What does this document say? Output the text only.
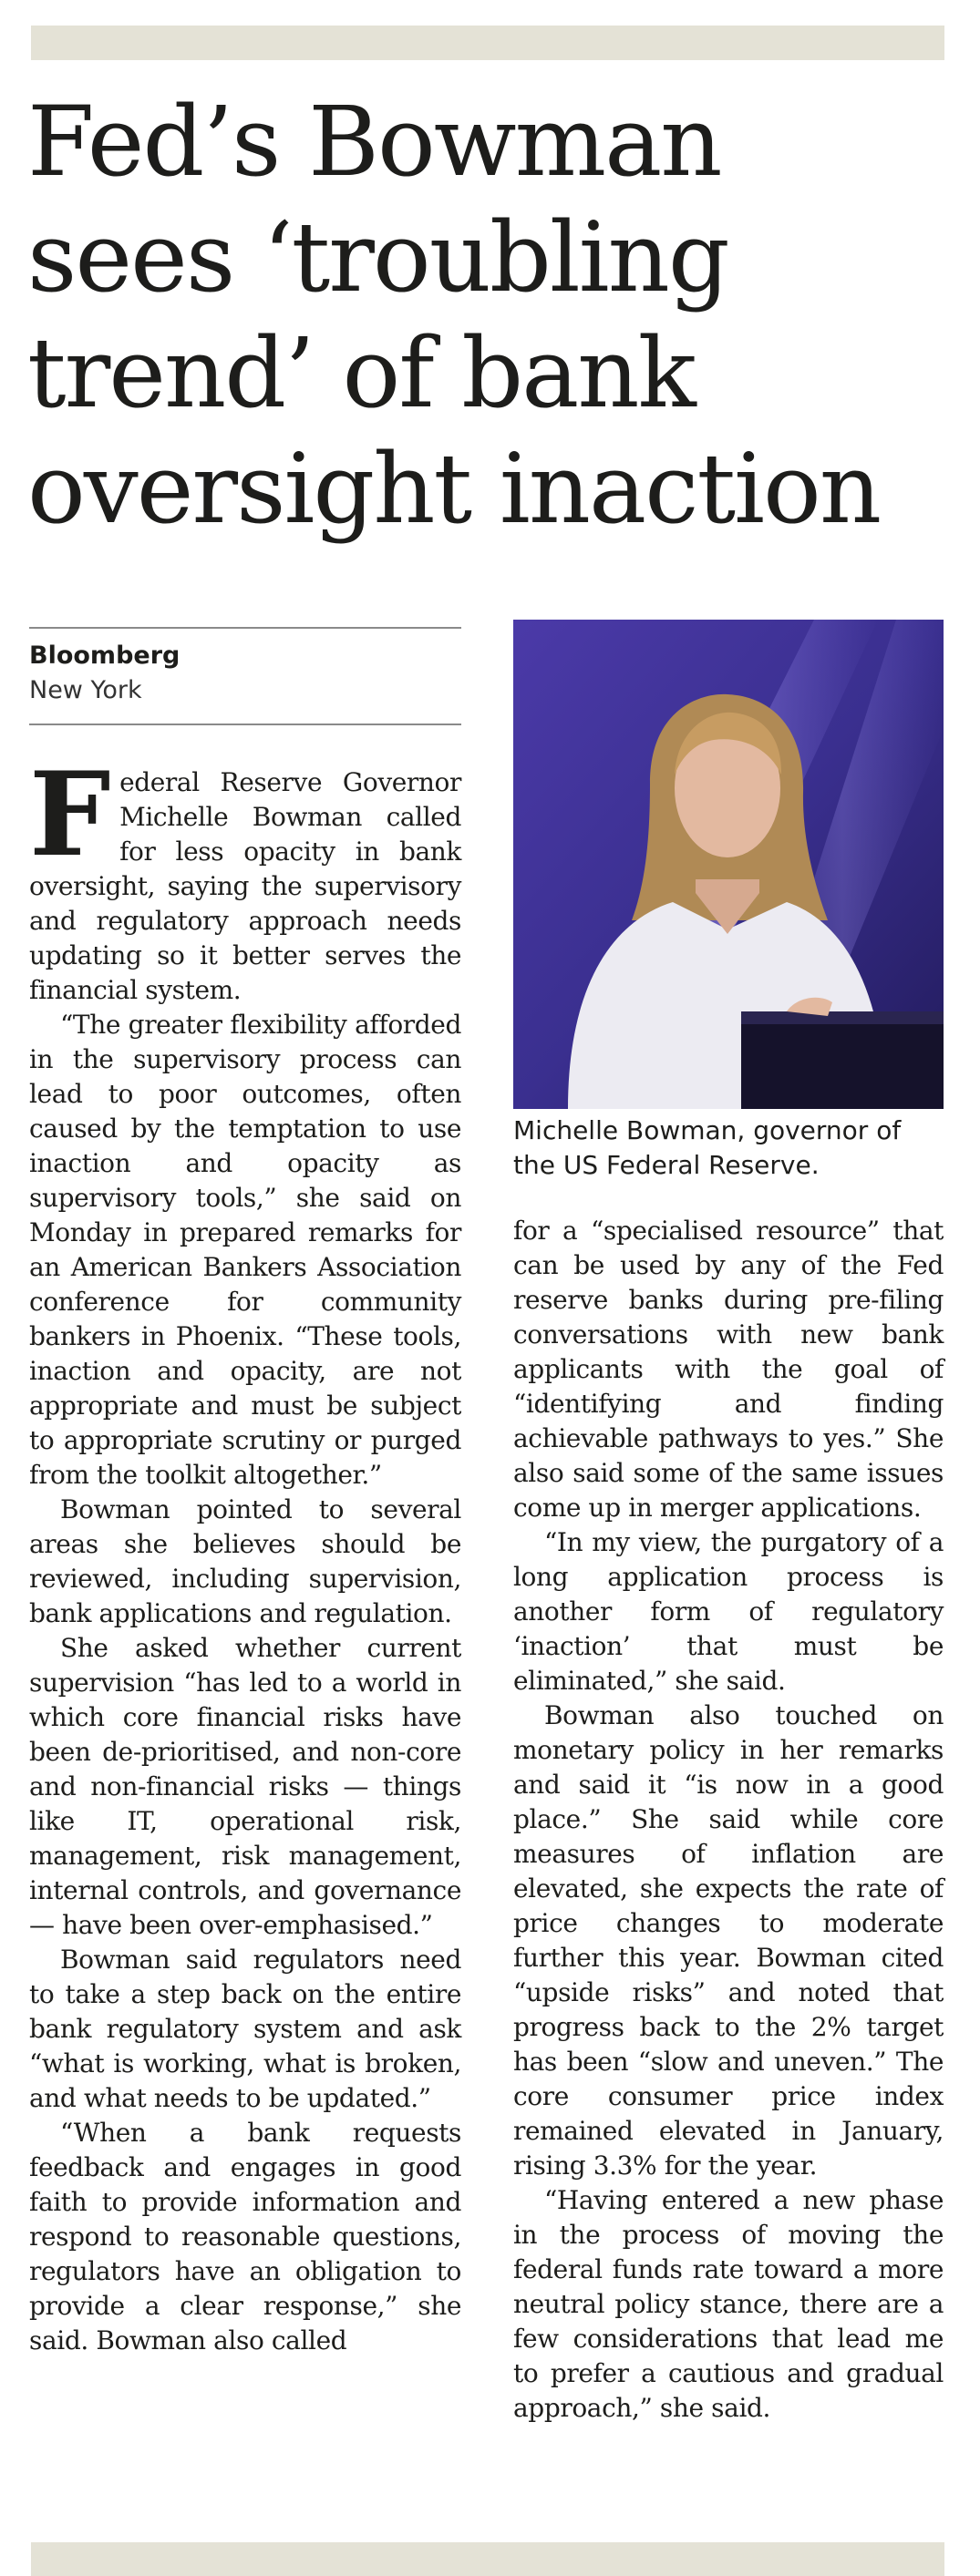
Fed’s Bowman
sees ‘troubling
trend’ of bank
oversight inaction
Bloomberg
New York

Federal Reserve Governor Michelle Bowman called for less opacity in bank oversight, saying the supervisory and regulatory approach needs updating so it better serves the financial system.

“The greater flexibility afforded in the supervisory process can lead to poor outcomes, often caused by the temptation to use inaction and opacity as supervisory tools,” she said on Monday in prepared remarks for an American Bankers Association conference for community bankers in Phoenix. “These tools, inaction and opacity, are not appropriate and must be subject to appropriate scrutiny or purged from the toolkit altogether.”

Bowman pointed to several areas she believes should be reviewed, including supervision, bank applications and regulation.

She asked whether current supervision “has led to a world in which core financial risks have been de-prioritised, and non-core and non-financial risks — things like IT, operational risk, management, risk management, internal controls, and governance — have been over-emphasised.”

Bowman said regulators need to take a step back on the entire bank regulatory system and ask “what is working, what is broken, and what needs to be updated.”

“When a bank requests feedback and engages in good faith to provide information and respond to reasonable questions, regulators have an obligation to provide a clear response,” she said. Bowman also called

Michelle Bowman, governor of the US Federal Reserve.

for a “specialised resource” that can be used by any of the Fed reserve banks during pre-filing conversations with new bank applicants with the goal of “identifying and finding achievable pathways to yes.” She also said some of the same issues come up in merger applications.

“In my view, the purgatory of a long application process is another form of regulatory ‘inaction’ that must be eliminated,” she said.

Bowman also touched on monetary policy in her remarks and said it “is now in a good place.” She said while core measures of inflation are elevated, she expects the rate of price changes to moderate further this year. Bowman cited “upside risks” and noted that progress back to the 2% target has been “slow and uneven.” The core consumer price index remained elevated in January, rising 3.3% for the year.

“Having entered a new phase in the process of moving the federal funds rate toward a more neutral policy stance, there are a few considerations that lead me to prefer a cautious and gradual approach,” she said.
